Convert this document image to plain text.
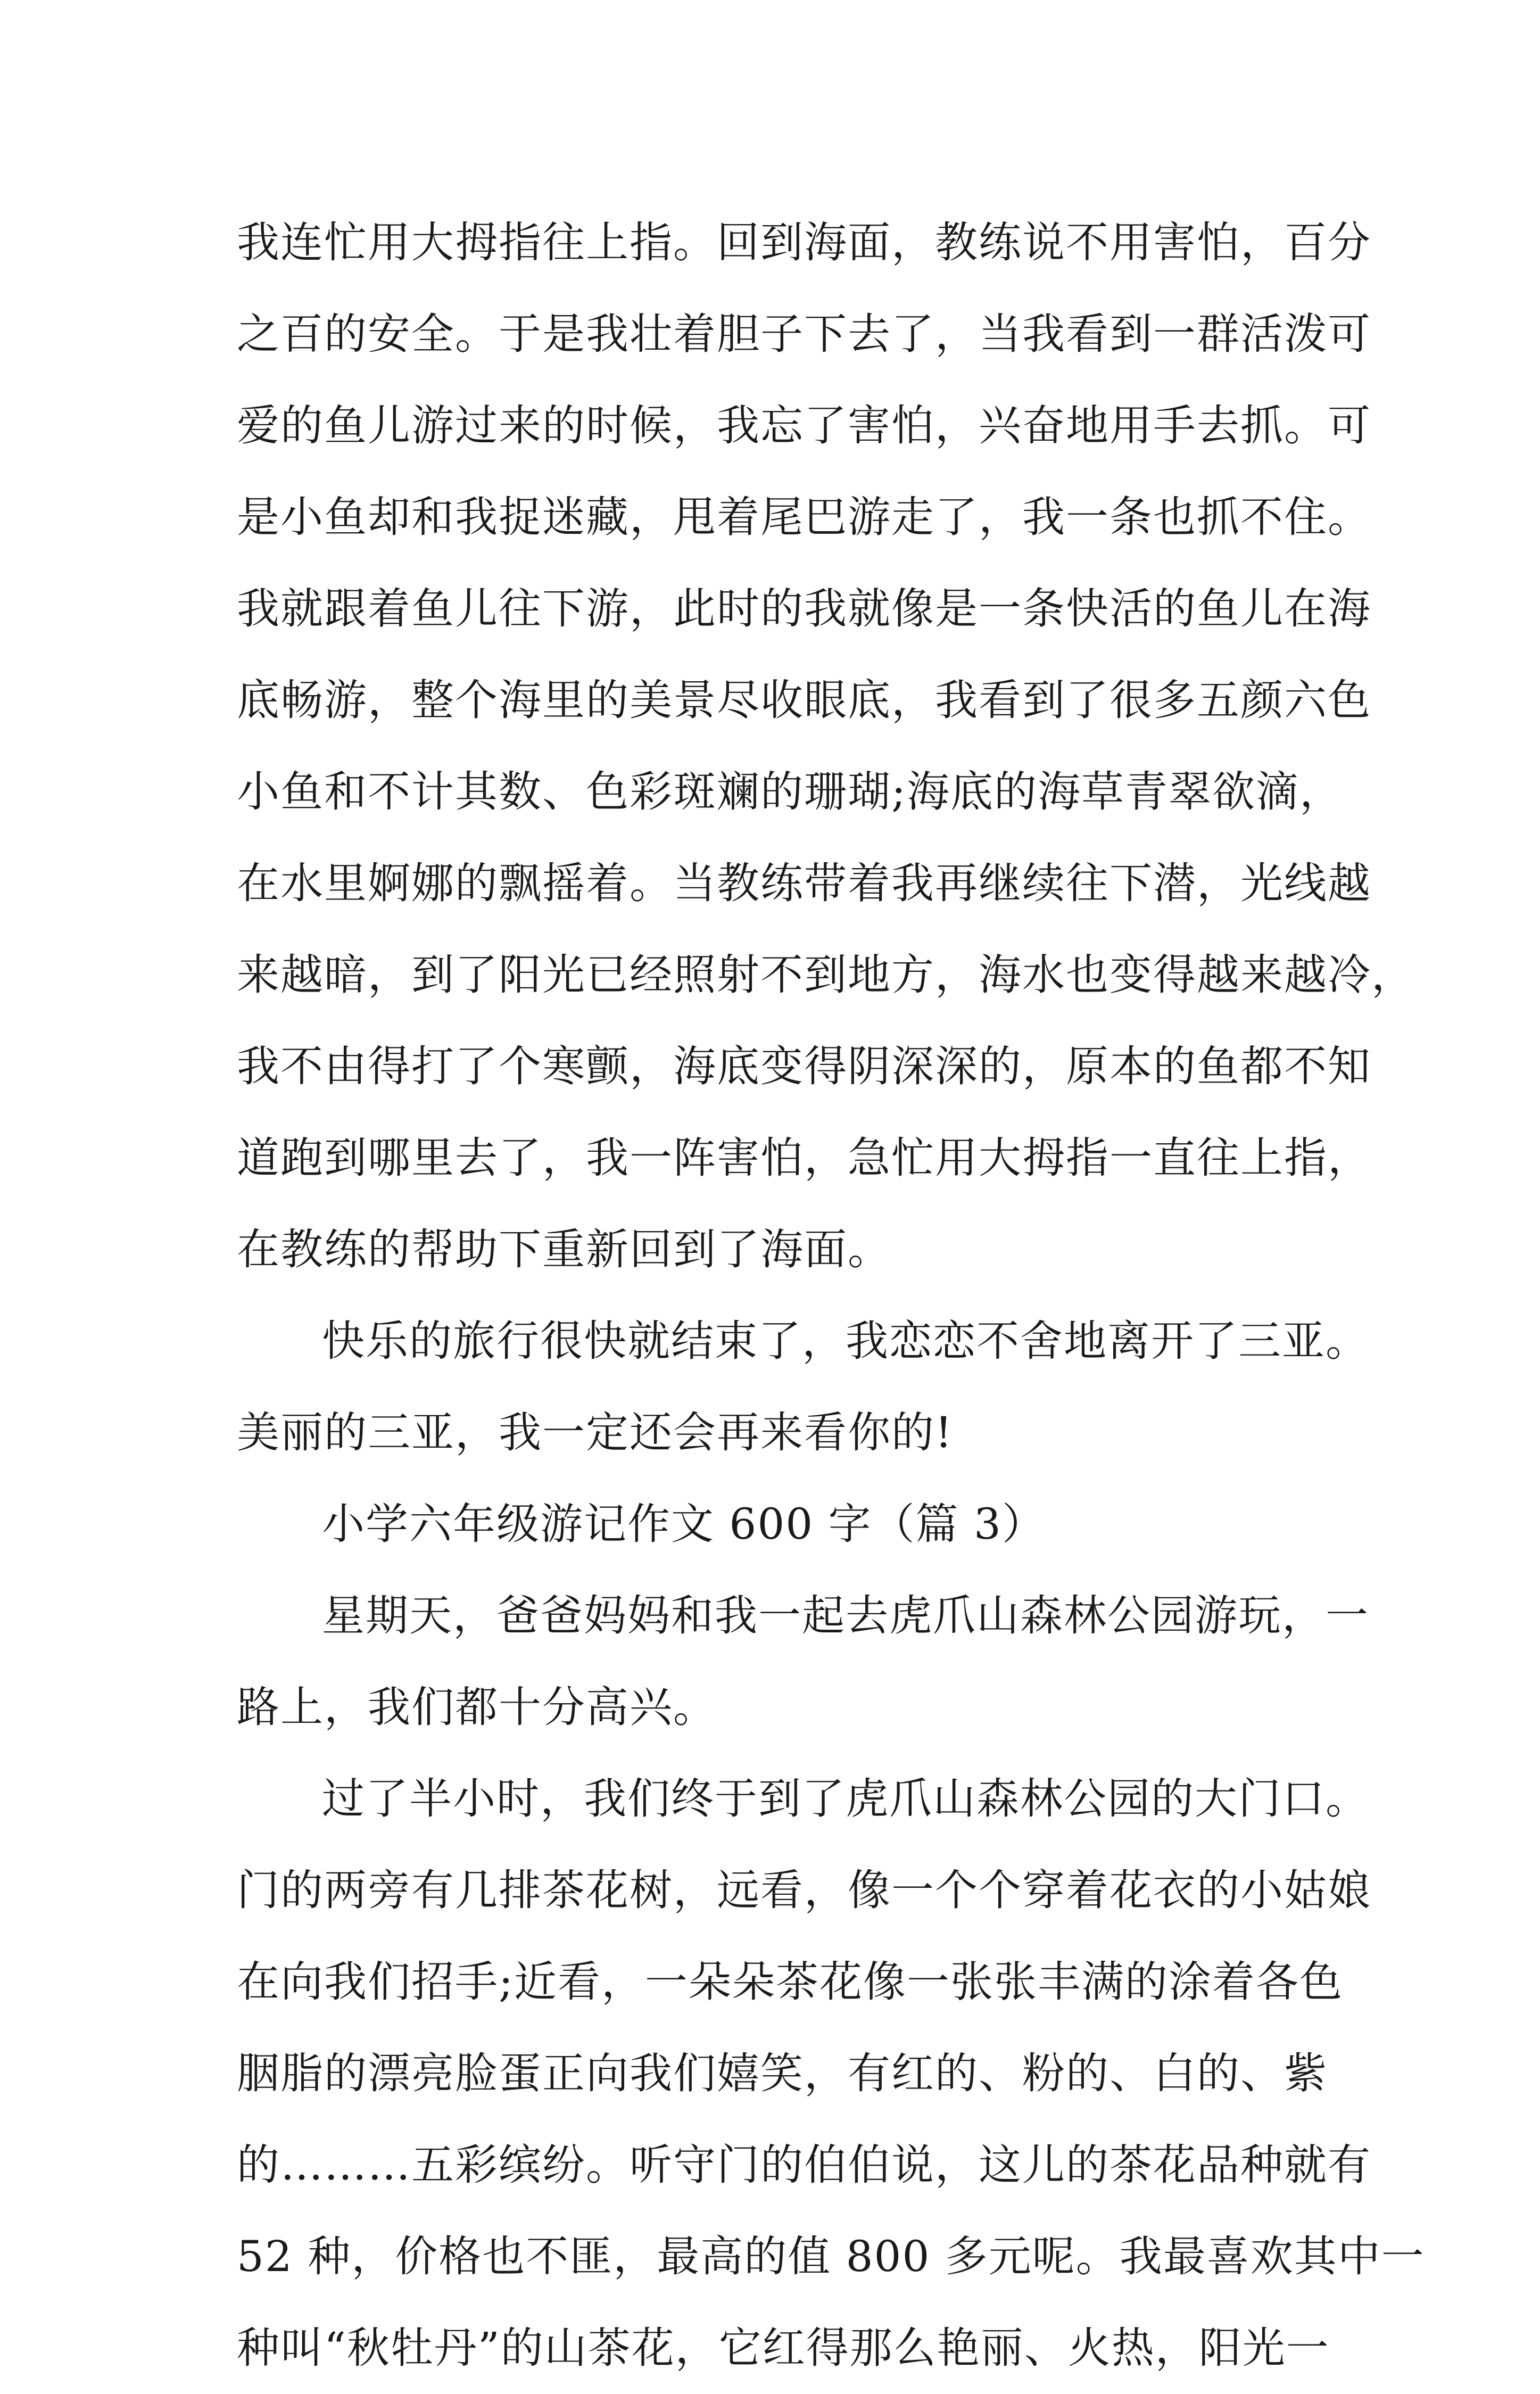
我连忙用大拇指往上指。回到海面，教练说不用害怕，百分
之百的安全。于是我壮着胆子下去了，当我看到一群活泼可
爱的鱼儿游过来的时候，我忘了害怕，兴奋地用手去抓。可
是小鱼却和我捉迷藏，甩着尾巴游走了，我一条也抓不住。
我就跟着鱼儿往下游，此时的我就像是一条快活的鱼儿在海
底畅游，整个海里的美景尽收眼底，我看到了很多五颜六色
小鱼和不计其数、色彩斑斓的珊瑚;海底的海草青翠欲滴，
在水里婀娜的飘摇着。当教练带着我再继续往下潜，光线越
来越暗，到了阳光已经照射不到地方，海水也变得越来越冷，
我不由得打了个寒颤，海底变得阴深深的，原本的鱼都不知
道跑到哪里去了，我一阵害怕，急忙用大拇指一直往上指，
在教练的帮助下重新回到了海面。
快乐的旅行很快就结束了，我恋恋不舍地离开了三亚。
美丽的三亚，我一定还会再来看你的!
小学六年级游记作文 600 字（篇 3）
星期天，爸爸妈妈和我一起去虎爪山森林公园游玩，一
路上，我们都十分高兴。
过了半小时，我们终于到了虎爪山森林公园的大门口。
门的两旁有几排茶花树，远看，像一个个穿着花衣的小姑娘
在向我们招手;近看，一朵朵茶花像一张张丰满的涂着各色
胭脂的漂亮脸蛋正向我们嬉笑，有红的、粉的、白的、紫
的………五彩缤纷。听守门的伯伯说，这儿的茶花品种就有
52 种，价格也不匪，最高的值 800 多元呢。我最喜欢其中一
种叫“秋牡丹”的山茶花，它红得那么艳丽、火热，阳光一
